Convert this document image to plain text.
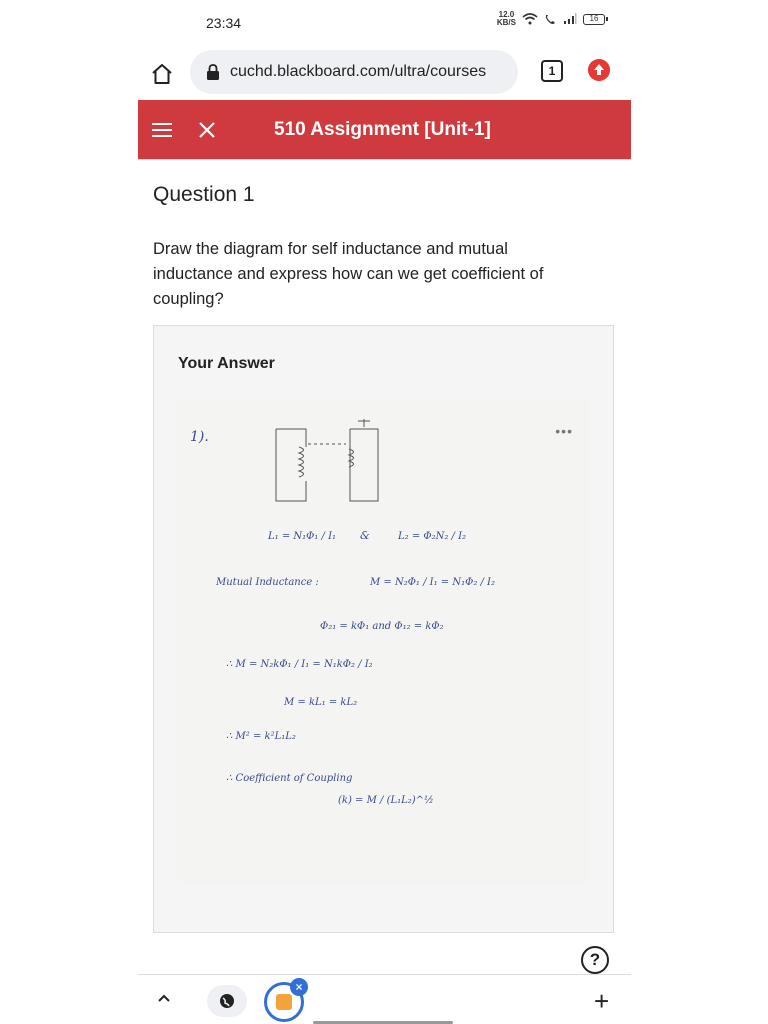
23:34
12.0
KB/S	16
cuchd.blackboard.com/ultra/courses	1
510 Assignment [Unit-1]
Question 1
Draw the diagram for self inductance and mutual inductance and express how can we get coefficient of coupling?
Your Answer
•••
1).
L₁ = N₁Φ₁ / I₁ &	L₂ = Φ₂N₂ / I₂
Mutual Inductance :	M = N₂Φ₁ / I₁ = N₁Φ₂ / I₂
Φ₂₁ = kΦ₁ and Φ₁₂ = kΦ₂
∴ M = N₂kΦ₁ / I₁ = N₁kΦ₂ / I₂
M = kL₁ = kL₂
∴ M² = k²L₁L₂
∴ Coefficient of Coupling
(k) = M / (L₁L₂)^½
?
×	+
